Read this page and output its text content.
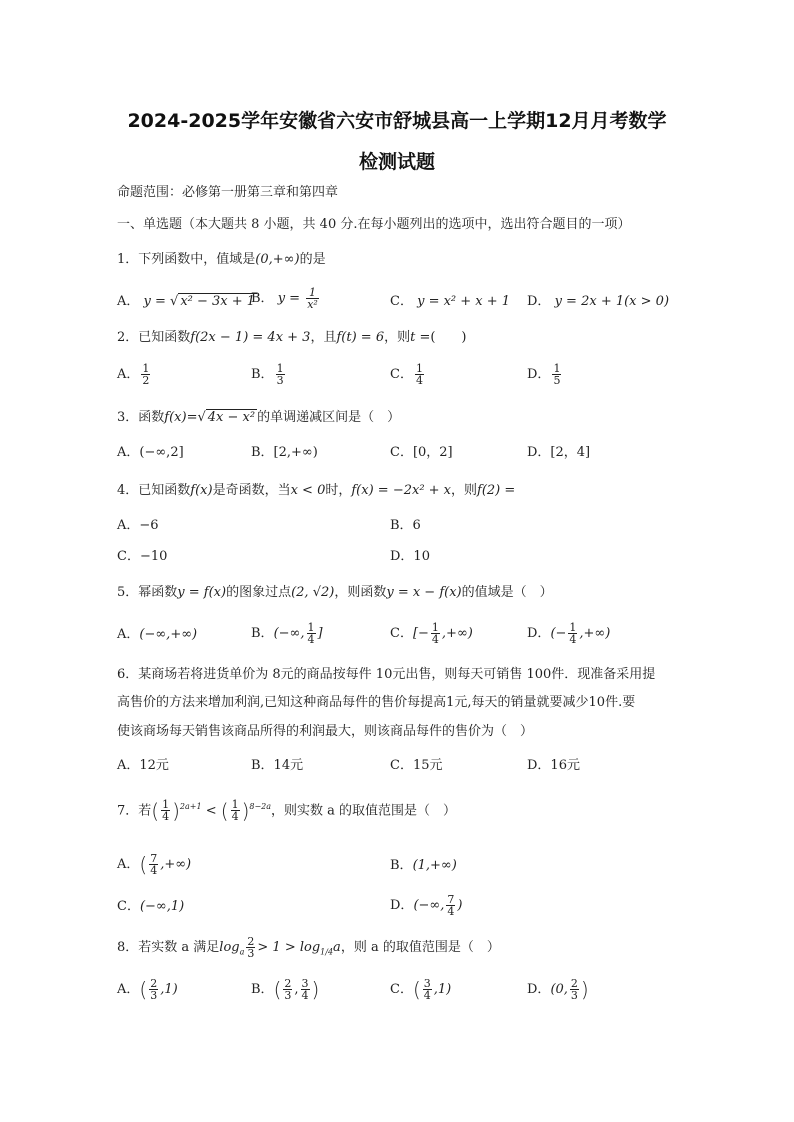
2024-2025学年安徽省六安市舒城县高一上学期12月月考数学
检测试题
命题范围：必修第一册第三章和第四章
一、单选题（本大题共 8 小题，共 40 分.在每小题列出的选项中，选出符合题目的一项）
1．下列函数中，值域是(0,+∞)的是
A． y = √ x² − 3x + 1
B． $y = \frac{1}{\text{x²}}$	C． y = x² + x + 1 D． y = 2x + 1(x > 0)
2．已知函数f(2x − 1) = 4x + 3，且f(t) = 6，则t =(　　)
A． $\frac{1}{2}$	B． $\frac{1}{3}$	C． $\frac{1}{4}$	D． $\frac{1}{5}$
3．函数f(x)=√ 4x − x² 的单调递减区间是（　）
A．(−∞,2]	B．[2,+∞)	C．[0，2]	D．[2，4]
4．已知函数f(x)是奇函数，当x < 0时，f(x) = −2x² + x，则f(2) =
A．−6	B．6
C．−10	D．10
5．幂函数y = f(x)的图象过点(2, √2)，则函数y = x − f(x)的值域是（　）
A．(−∞,+∞)	B．(−∞, $\frac{1}{4}$ ]	C．[− $\frac{1}{4}$ ,+∞)	D．(− $\frac{1}{4}$ ,+∞)
6．某商场若将进货单价为 8元的商品按每件 10元出售，则每天可销售 100件．现准备采用提
高售价的方法来增加利润,已知这种商品每件的售价每提高1元,每天的销量就要减少10件.要
使该商场每天销售该商品所得的利润最大，则该商品每件的售价为（　）
A．12元	B．14元	C．15元	D．16元
7．若( $\frac{1}{4} )^{2a+1}$ < ( $\frac{1}{4} )^{8-2a}$，则实数 a 的取值范围是（　）
A．( $\frac{7}{4}$ ,+∞)	B．(1,+∞)
C．(−∞,1)	D．(−∞, $\frac{7}{4}$ )
8．若实数 a 满足$\log_a \frac{2}{3} > 1 > \log_{1/4}a$，则 a 的取值范围是（　）
A．( $\frac{2}{3} ,1$)	B．( $\frac{2}{3}$ , $\frac{3}{4}$ )	C．( $\frac{3}{4} ,1$)	D．(0, $\frac{2}{3}$ )
